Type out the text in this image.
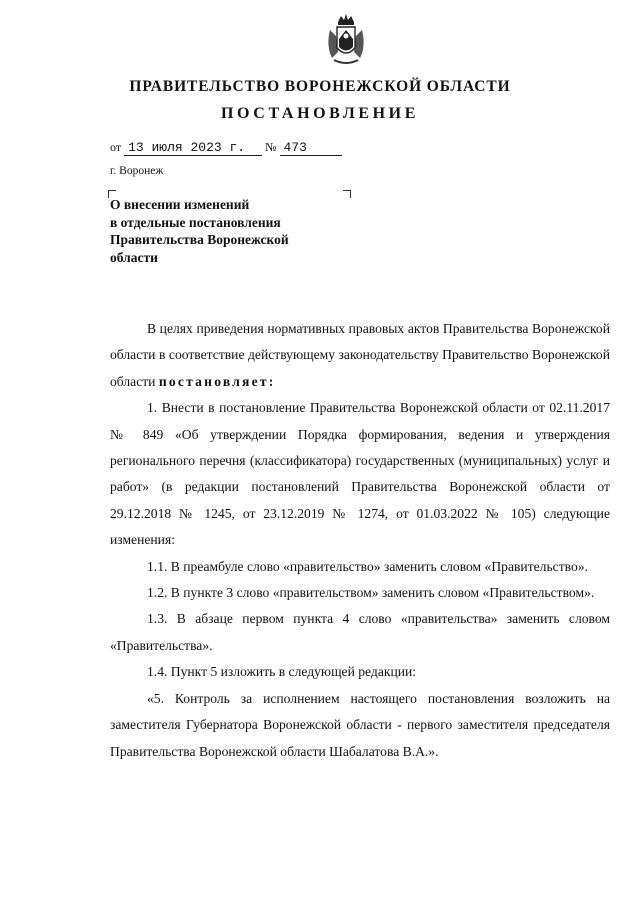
ПРАВИТЕЛЬСТВО ВОРОНЕЖСКОЙ ОБЛАСТИ
ПОСТАНОВЛЕНИЕ
от 13 июля 2023 г. № 473
г. Воронеж
О внесении изменений
в отдельные постановления
Правительства Воронежской
области

В целях приведения нормативных правовых актов Правительства Воронежской области в соответствие действующему законодательству Правительство Воронежской области постановляет:

1. Внести в постановление Правительства Воронежской области от 02.11.2017 № 849 «Об утверждении Порядка формирования, ведения и утверждения регионального перечня (классификатора) государственных (муниципальных) услуг и работ» (в редакции постановлений Правительства Воронежской области от 29.12.2018 № 1245, от 23.12.2019 № 1274, от 01.03.2022 № 105) следующие изменения:

1.1. В преамбуле слово «правительство» заменить словом «Правительство».

1.2. В пункте 3 слово «правительством» заменить словом «Правительством».

1.3. В абзаце первом пункта 4 слово «правительства» заменить словом «Правительства».

1.4. Пункт 5 изложить в следующей редакции:

«5. Контроль за исполнением настоящего постановления возложить на заместителя Губернатора Воронежской области - первого заместителя председателя Правительства Воронежской области Шабалатова В.А.».
